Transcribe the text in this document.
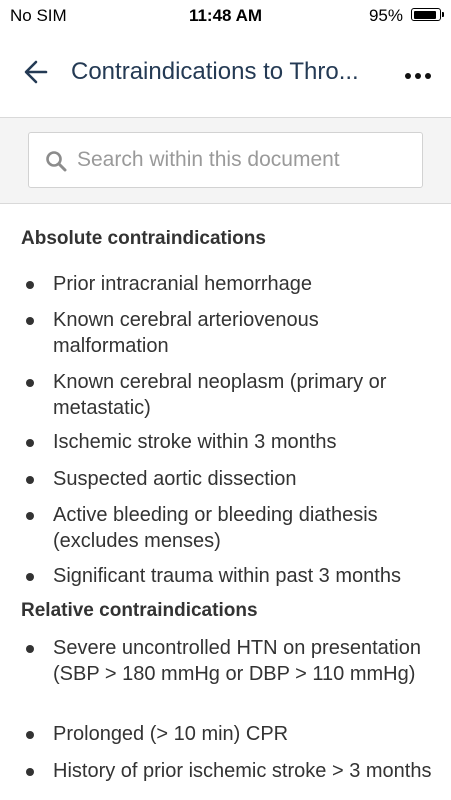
No SIM	11:48 AM	95%
Contraindications to Thro...
Search within this document
Absolute contraindications
Prior intracranial hemorrhage
Known cerebral arteriovenous malformation
Known cerebral neoplasm (primary or metastatic)
Ischemic stroke within 3 months
Suspected aortic dissection
Active bleeding or bleeding diathesis (excludes menses)
Significant trauma within past 3 months
Relative contraindications
Severe uncontrolled HTN on presentation (SBP > 180 mmHg or DBP > 110 mmHg)
Prolonged (> 10 min) CPR
History of prior ischemic stroke > 3 months
